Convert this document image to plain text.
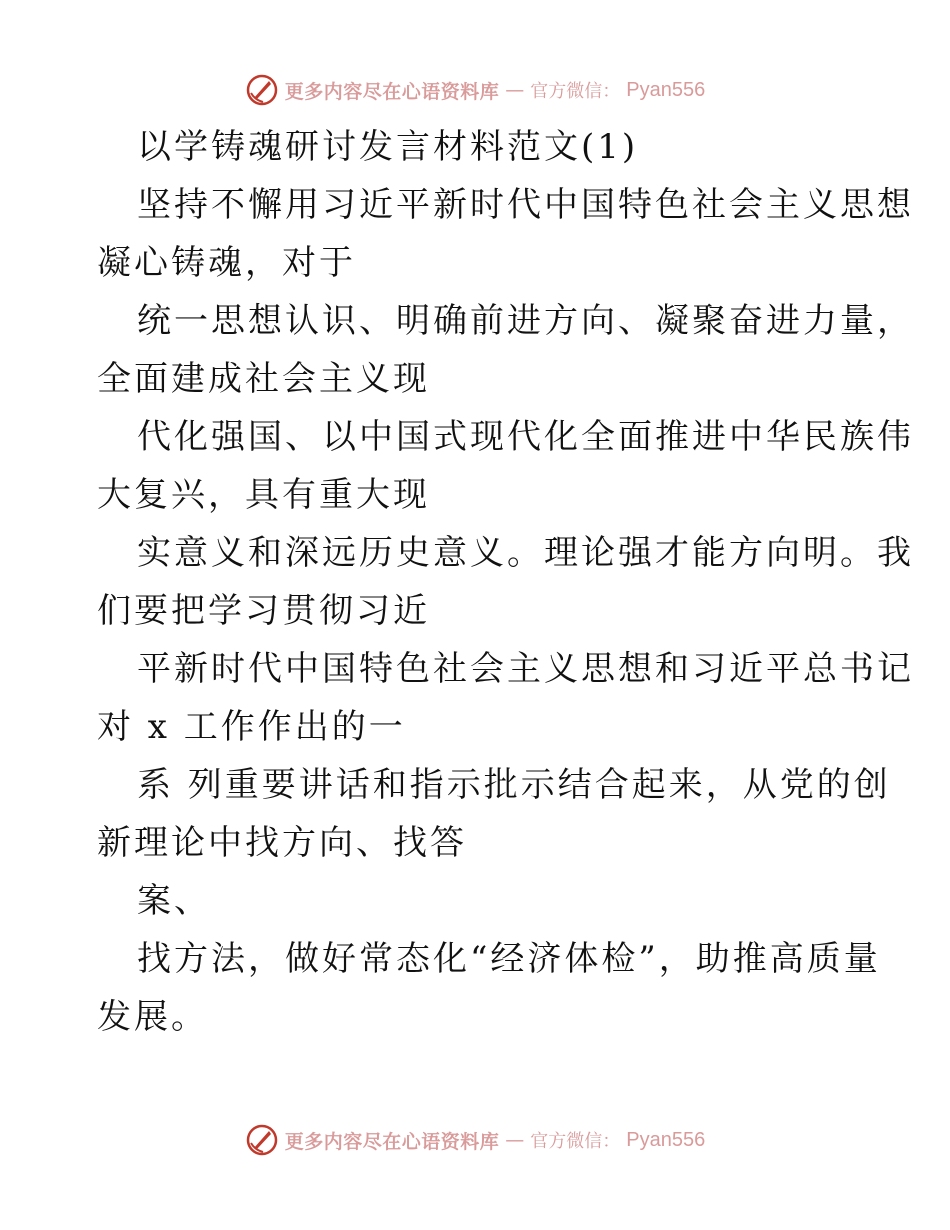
更多内容尽在心语资料库 — 官方微信： Pyan556

以学铸魂研讨发言材料范文(1)

坚持不懈用习近平新时代中国特色社会主义思想

凝心铸魂，对于

统一思想认识、明确前进方向、凝聚奋进力量，

全面建成社会主义现

代化强国、以中国式现代化全面推进中华民族伟

大复兴，具有重大现

实意义和深远历史意义。理论强才能方向明。我

们要把学习贯彻习近

平新时代中国特色社会主义思想和习近平总书记

对 x 工作作出的一

系 列重要讲话和指示批示结合起来，从党的创

新理论中找方向、找答

案、

找方法，做好常态化“经济体检”，助推高质量

发展。

更多内容尽在心语资料库 — 官方微信： Pyan556
